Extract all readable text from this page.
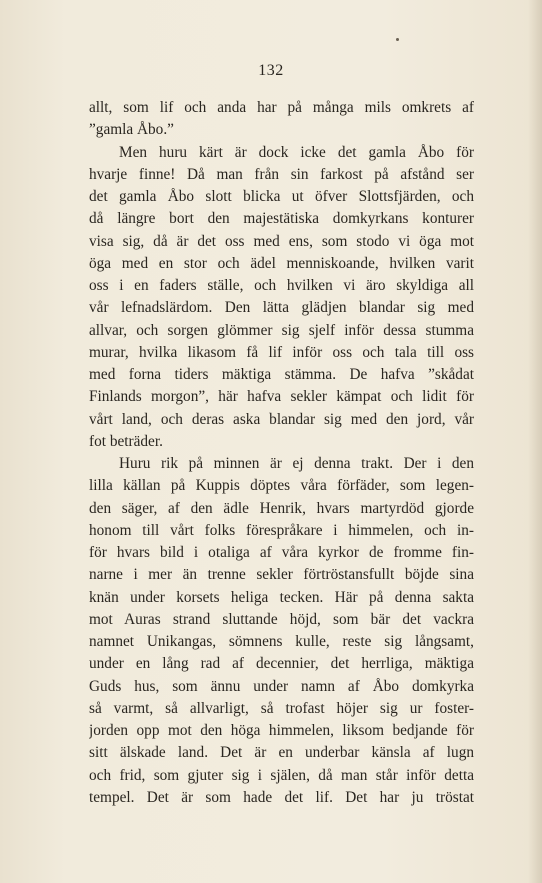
132
allt, som lif och anda har på många mils omkrets af
”gamla Åbo.”
Men huru kärt är dock icke det gamla Åbo för
hvarje finne! Då man från sin farkost på afstånd ser
det gamla Åbo slott blicka ut öfver Slottsfjärden, och
då längre bort den majestätiska domkyrkans konturer
visa sig, då är det oss med ens, som stodo vi öga mot
öga med en stor och ädel menniskoande, hvilken varit
oss i en faders ställe, och hvilken vi äro skyldiga all
vår lefnadslärdom. Den lätta glädjen blandar sig med
allvar, och sorgen glömmer sig sjelf inför dessa stumma
murar, hvilka likasom få lif inför oss och tala till oss
med forna tiders mäktiga stämma. De hafva ”skådat
Finlands morgon”, här hafva sekler kämpat och lidit för
vårt land, och deras aska blandar sig med den jord, vår
fot beträder.
Huru rik på minnen är ej denna trakt. Der i den
lilla källan på Kuppis döptes våra förfäder, som legen-
den säger, af den ädle Henrik, hvars martyrdöd gjorde
honom till vårt folks förespråkare i himmelen, och in-
för hvars bild i otaliga af våra kyrkor de fromme fin-
narne i mer än trenne sekler förtröstansfullt böjde sina
knän under korsets heliga tecken. Här på denna sakta
mot Auras strand sluttande höjd, som bär det vackra
namnet Unikangas, sömnens kulle, reste sig långsamt,
under en lång rad af decennier, det herrliga, mäktiga
Guds hus, som ännu under namn af Åbo domkyrka
så varmt, så allvarligt, så trofast höjer sig ur foster-
jorden opp mot den höga himmelen, liksom bedjande för
sitt älskade land. Det är en underbar känsla af lugn
och frid, som gjuter sig i själen, då man står inför detta
tempel. Det är som hade det lif. Det har ju tröstat
